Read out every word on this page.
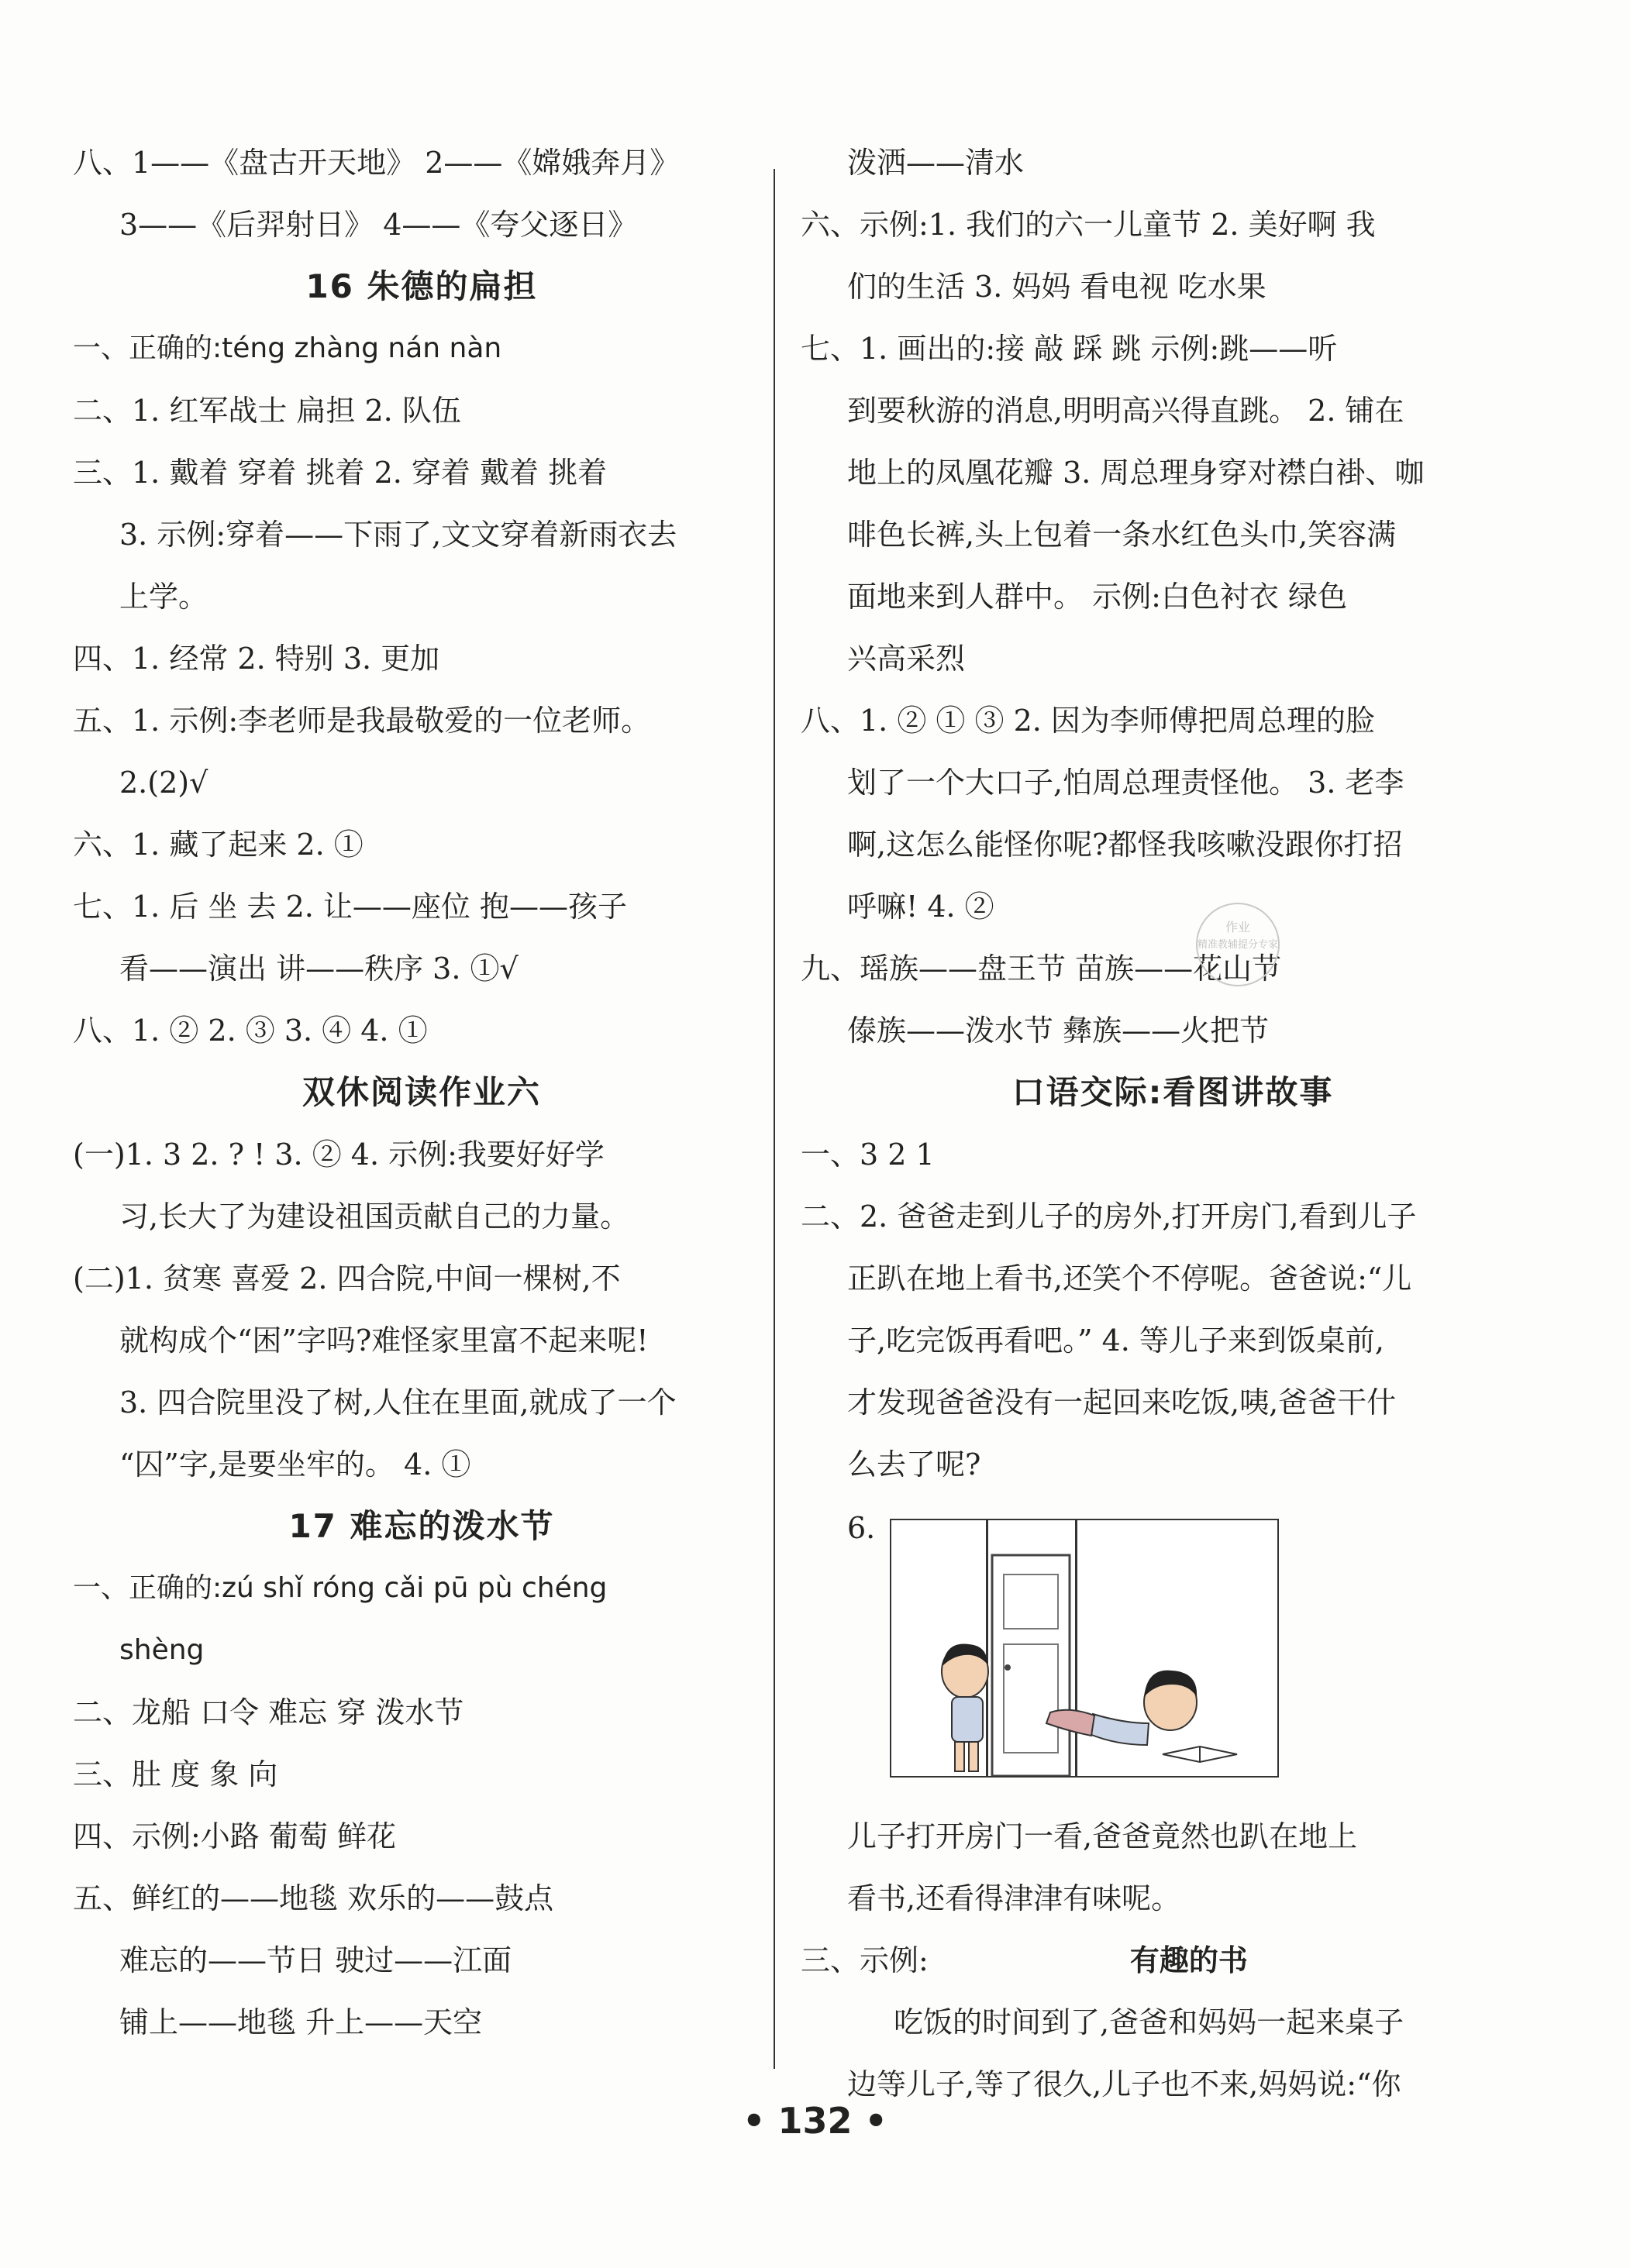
八、1——《盘古开天地》 2——《嫦娥奔月》
3——《后羿射日》 4——《夸父逐日》
16 朱德的扁担
一、正确的:téng zhàng nán nàn
二、1. 红军战士 扁担 2. 队伍
三、1. 戴着 穿着 挑着 2. 穿着 戴着 挑着
3. 示例:穿着——下雨了,文文穿着新雨衣去
上学。
四、1. 经常 2. 特别 3. 更加
五、1. 示例:李老师是我最敬爱的一位老师。
2.(2)√
六、1. 藏了起来 2. ①
七、1. 后 坐 去 2. 让——座位 抱——孩子
看——演出 讲——秩序 3. ①√
八、1. ② 2. ③ 3. ④ 4. ①
双休阅读作业六
(一)1. 3 2. ? ! 3. ② 4. 示例:我要好好学
习,长大了为建设祖国贡献自己的力量。
(二)1. 贫寒 喜爱 2. 四合院,中间一棵树,不
就构成个“困”字吗?难怪家里富不起来呢!
3. 四合院里没了树,人住在里面,就成了一个
“囚”字,是要坐牢的。 4. ①
17 难忘的泼水节
一、正确的:zú shǐ róng cǎi pū pù chéng
shèng
二、龙船 口令 难忘 穿 泼水节
三、肚 度 象 向
四、示例:小路 葡萄 鲜花
五、鲜红的——地毯 欢乐的——鼓点
难忘的——节日 驶过——江面
铺上——地毯 升上——天空
泼洒——清水
六、示例:1. 我们的六一儿童节 2. 美好啊 我
们的生活 3. 妈妈 看电视 吃水果
七、1. 画出的:接 敲 踩 跳 示例:跳——听
到要秋游的消息,明明高兴得直跳。 2. 铺在
地上的凤凰花瓣 3. 周总理身穿对襟白褂、咖
啡色长裤,头上包着一条水红色头巾,笑容满
面地来到人群中。 示例:白色衬衣 绿色
兴高采烈
八、1. ② ① ③ 2. 因为李师傅把周总理的脸
划了一个大口子,怕周总理责怪他。 3. 老李
啊,这怎么能怪你呢?都怪我咳嗽没跟你打招
呼嘛! 4. ②
九、瑶族——盘王节 苗族——花山节
傣族——泼水节 彝族——火把节
口语交际:看图讲故事
一、3 2 1
二、2. 爸爸走到儿子的房外,打开房门,看到儿子
正趴在地上看书,还笑个不停呢。爸爸说:“儿
子,吃完饭再看吧。” 4. 等儿子来到饭桌前,
才发现爸爸没有一起回来吃饭,咦,爸爸干什
么去了呢?
6.
儿子打开房门一看,爸爸竟然也趴在地上
看书,还看得津津有味呢。
三、示例:	有趣的书
吃饭的时间到了,爸爸和妈妈一起来桌子
边等儿子,等了很久,儿子也不来,妈妈说:“你
作业
精准教辅提分专家
• 132 •
